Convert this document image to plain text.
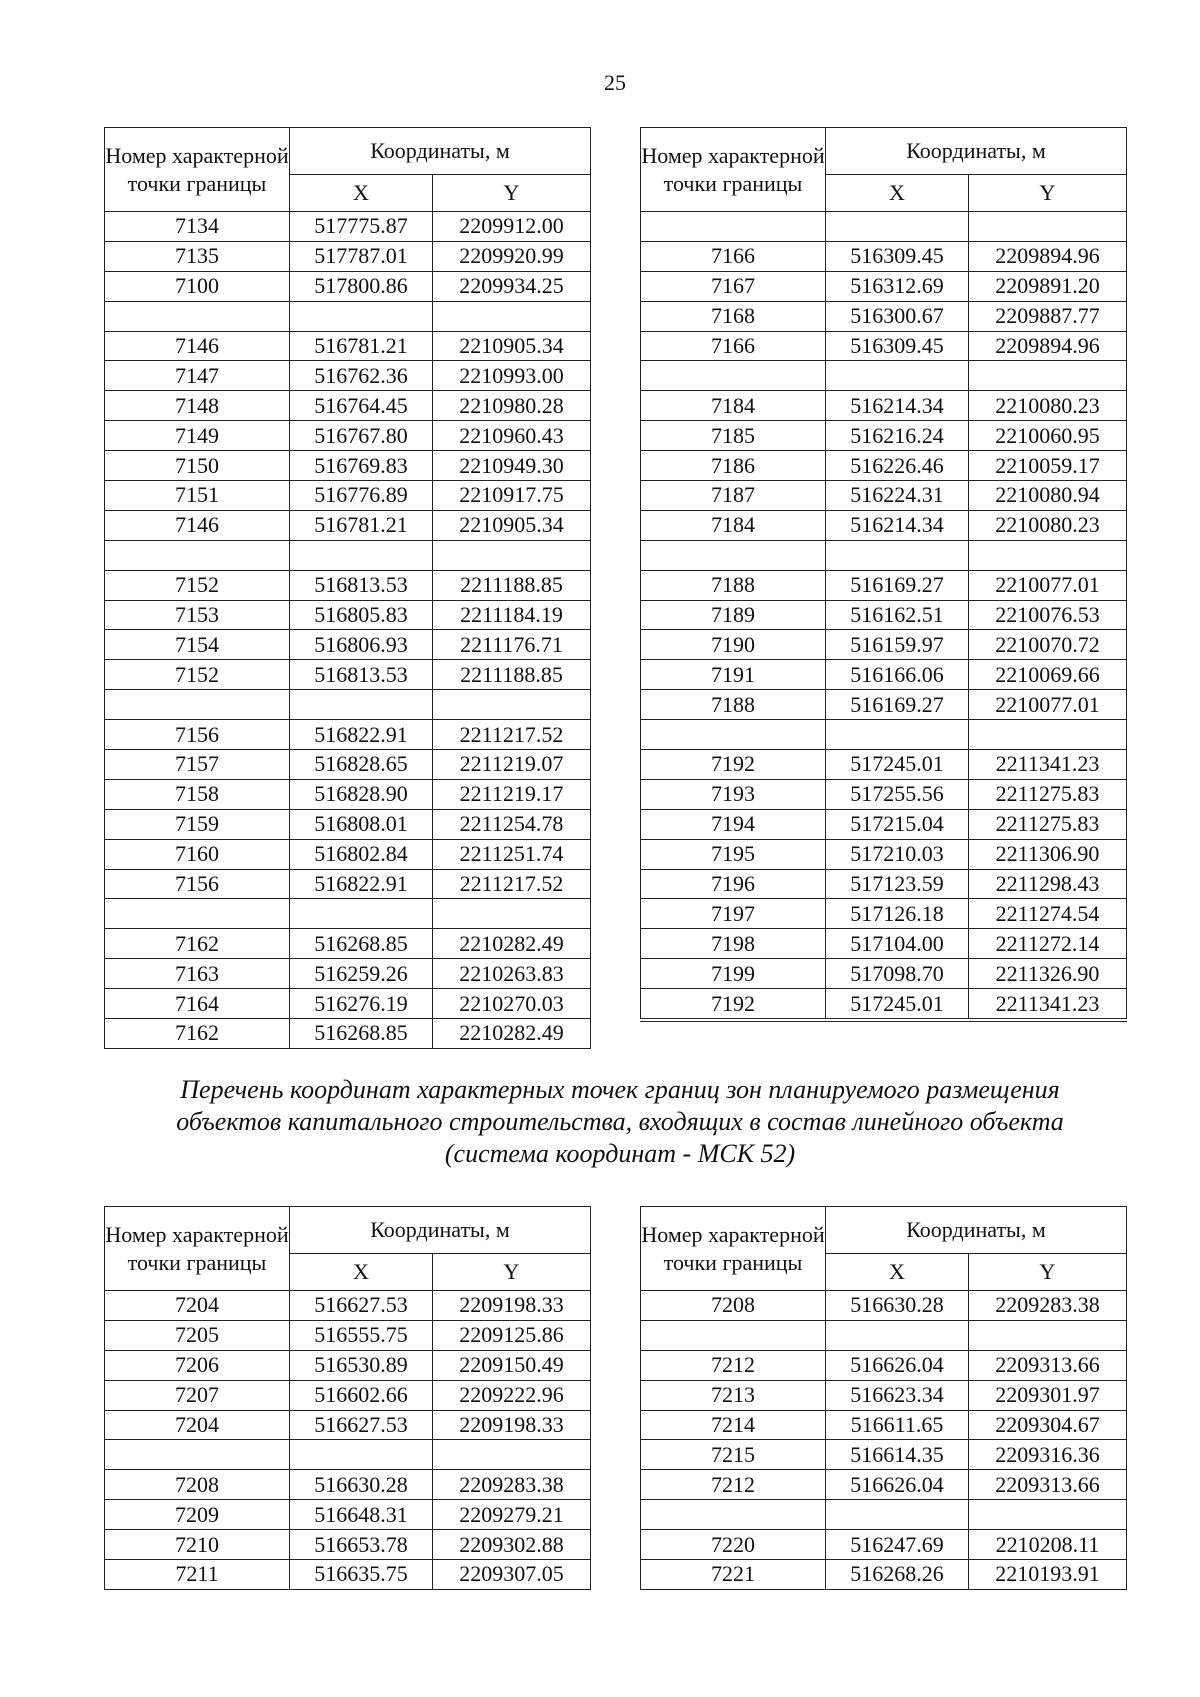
25
Номер характерной точки границы	Координаты, м	
	X	Y
7134	517775.87	2209912.00
7135	517787.01	2209920.99
7100	517800.86	2209934.25

7146	516781.21	2210905.34
7147	516762.36	2210993.00
7148	516764.45	2210980.28
7149	516767.80	2210960.43
7150	516769.83	2210949.30
7151	516776.89	2210917.75
7146	516781.21	2210905.34

7152	516813.53	2211188.85
7153	516805.83	2211184.19
7154	516806.93	2211176.71
7152	516813.53	2211188.85

7156	516822.91	2211217.52
7157	516828.65	2211219.07
7158	516828.90	2211219.17
7159	516808.01	2211254.78
7160	516802.84	2211251.74
7156	516822.91	2211217.52

7162	516268.85	2210282.49
7163	516259.26	2210263.83
7164	516276.19	2210270.03
7162	516268.85	2210282.49
Номер характерной точки границы	Координаты, м	
	X	Y

7166	516309.45	2209894.96
7167	516312.69	2209891.20
7168	516300.67	2209887.77
7166	516309.45	2209894.96

7184	516214.34	2210080.23
7185	516216.24	2210060.95
7186	516226.46	2210059.17
7187	516224.31	2210080.94
7184	516214.34	2210080.23

7188	516169.27	2210077.01
7189	516162.51	2210076.53
7190	516159.97	2210070.72
7191	516166.06	2210069.66
7188	516169.27	2210077.01

7192	517245.01	2211341.23
7193	517255.56	2211275.83
7194	517215.04	2211275.83
7195	517210.03	2211306.90
7196	517123.59	2211298.43
7197	517126.18	2211274.54
7198	517104.00	2211272.14
7199	517098.70	2211326.90
7192	517245.01	2211341.23
Перечень координат характерных точек границ зон планируемого размещения
объектов капитального строительства, входящих в состав линейного объекта
(система координат - МСК 52)
Номер характерной точки границы	Координаты, м	
	X	Y
7204	516627.53	2209198.33
7205	516555.75	2209125.86
7206	516530.89	2209150.49
7207	516602.66	2209222.96
7204	516627.53	2209198.33

7208	516630.28	2209283.38
7209	516648.31	2209279.21
7210	516653.78	2209302.88
7211	516635.75	2209307.05
Номер характерной точки границы	Координаты, м	
	X	Y
7208	516630.28	2209283.38

7212	516626.04	2209313.66
7213	516623.34	2209301.97
7214	516611.65	2209304.67
7215	516614.35	2209316.36
7212	516626.04	2209313.66

7220	516247.69	2210208.11
7221	516268.26	2210193.91
